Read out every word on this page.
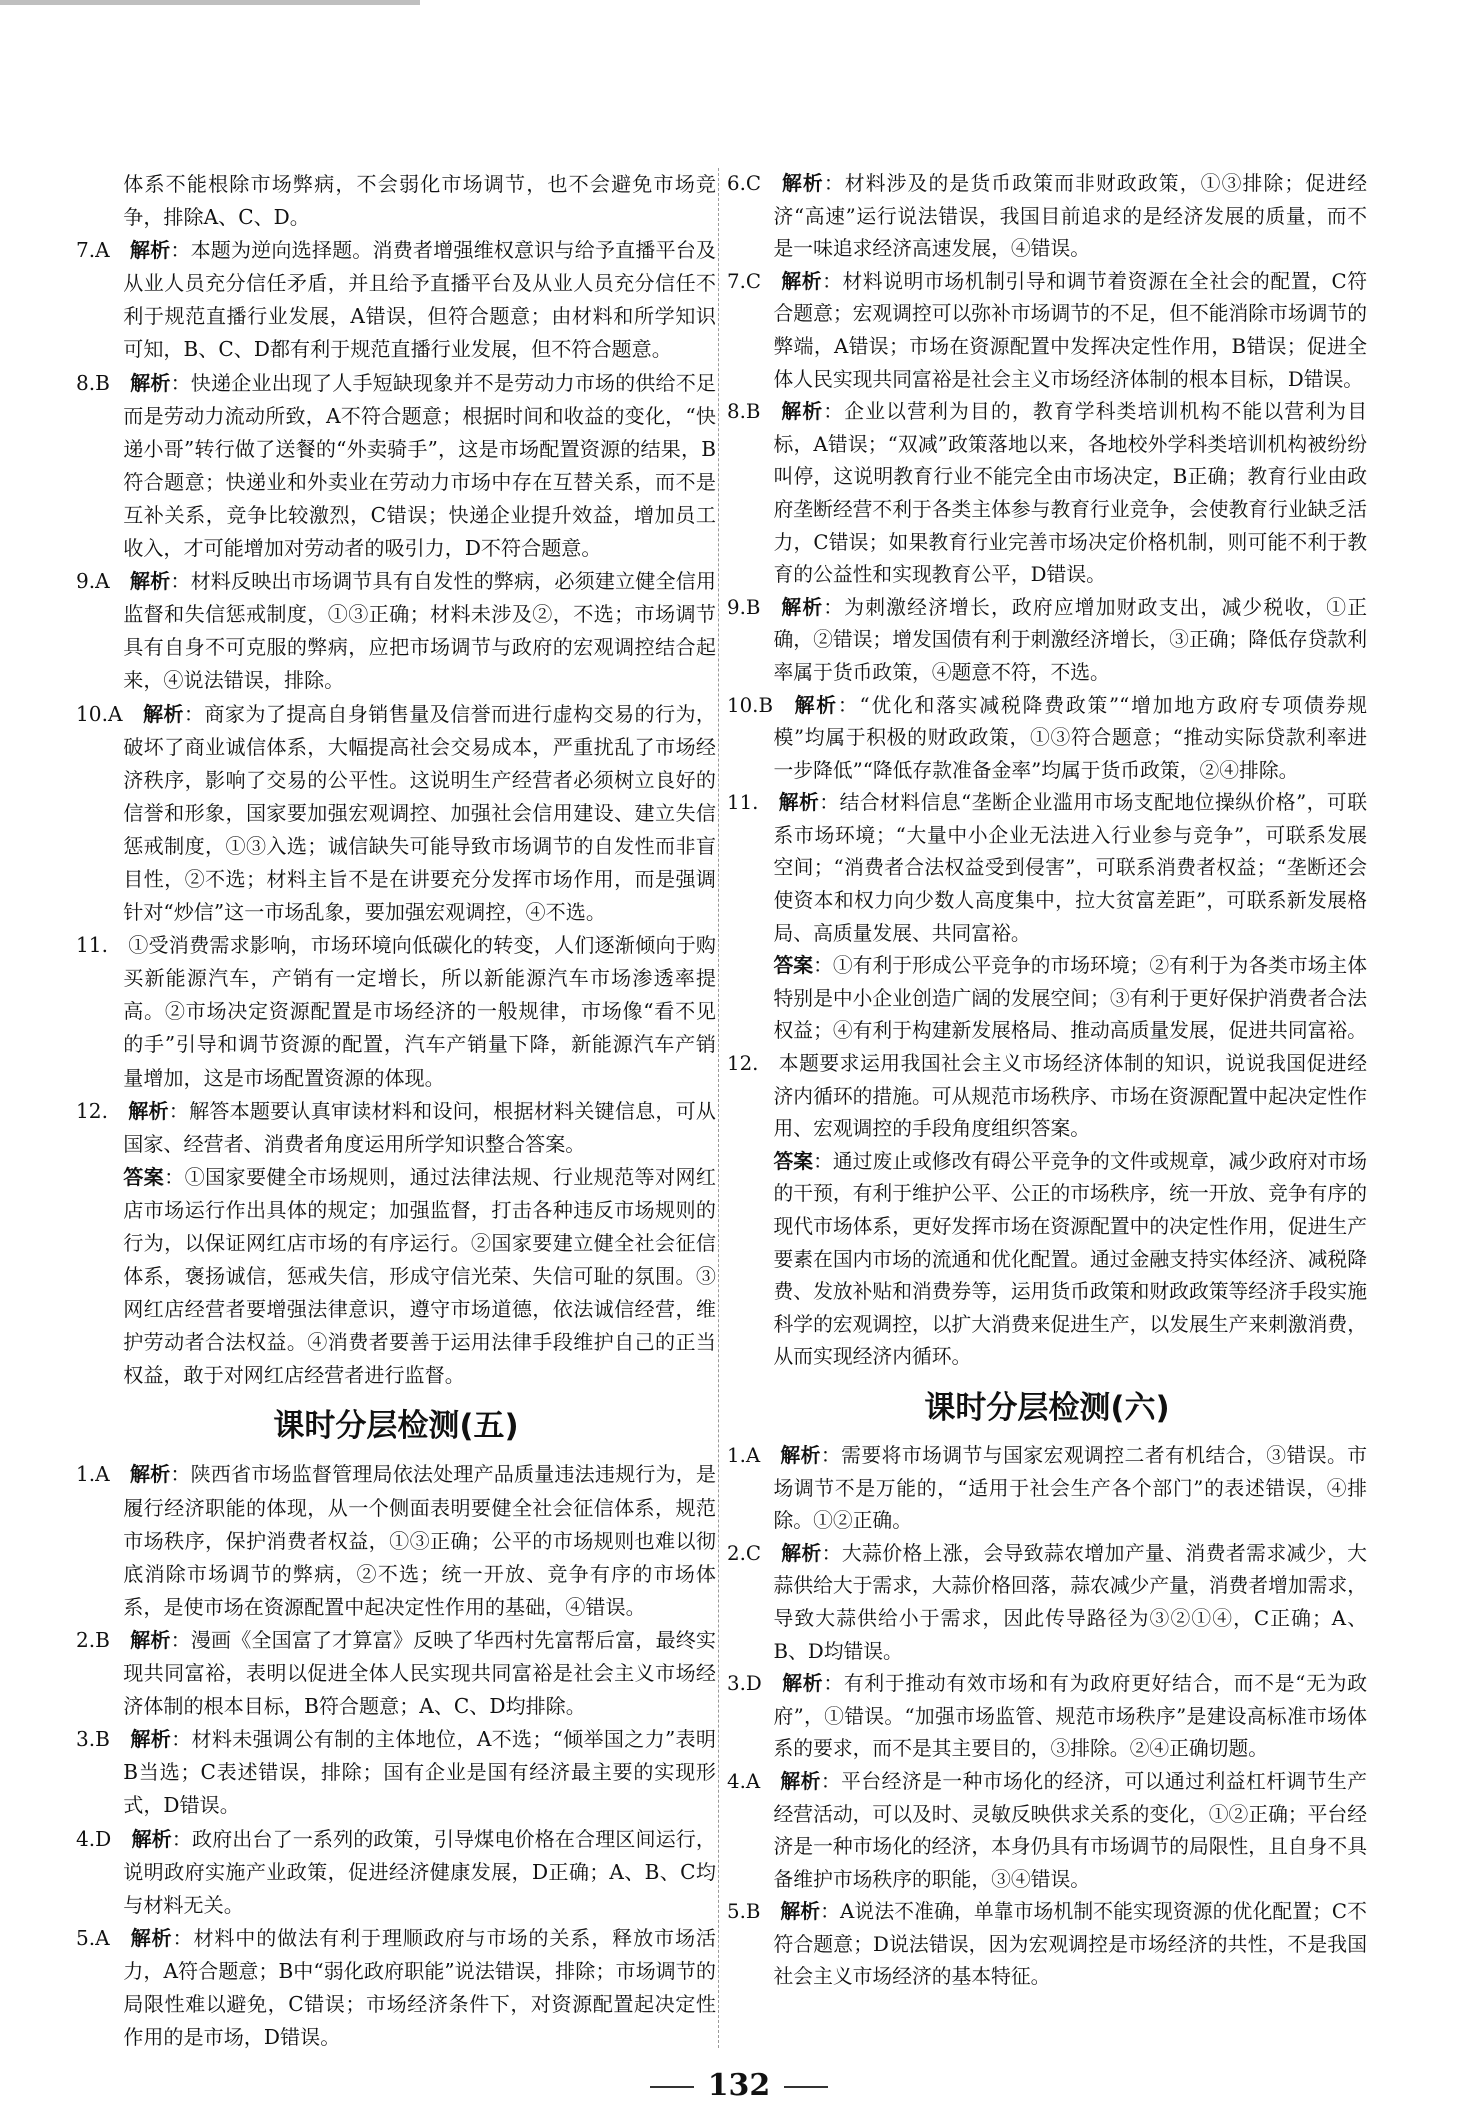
体系不能根除市场弊病，不会弱化市场调节，也不会避免市场竞争，排除A、C、D。

7.A  解析：本题为逆向选择题。消费者增强维权意识与给予直播平台及从业人员充分信任矛盾，并且给予直播平台及从业人员充分信任不利于规范直播行业发展，A错误，但符合题意；由材料和所学知识可知，B、C、D都有利于规范直播行业发展，但不符合题意。

8.B  解析：快递企业出现了人手短缺现象并不是劳动力市场的供给不足而是劳动力流动所致，A不符合题意；根据时间和收益的变化，“快递小哥”转行做了送餐的“外卖骑手”，这是市场配置资源的结果，B符合题意；快递业和外卖业在劳动力市场中存在互替关系，而不是互补关系，竞争比较激烈，C错误；快递企业提升效益，增加员工收入，才可能增加对劳动者的吸引力，D不符合题意。

9.A  解析：材料反映出市场调节具有自发性的弊病，必须建立健全信用监督和失信惩戒制度，①③正确；材料未涉及②，不选；市场调节具有自身不可克服的弊病，应把市场调节与政府的宏观调控结合起来，④说法错误，排除。

10.A  解析：商家为了提高自身销售量及信誉而进行虚构交易的行为，破坏了商业诚信体系，大幅提高社会交易成本，严重扰乱了市场经济秩序，影响了交易的公平性。这说明生产经营者必须树立良好的信誉和形象，国家要加强宏观调控、加强社会信用建设、建立失信惩戒制度，①③入选；诚信缺失可能导致市场调节的自发性而非盲目性，②不选；材料主旨不是在讲要充分发挥市场作用，而是强调针对“炒信”这一市场乱象，要加强宏观调控，④不选。

11.  ①受消费需求影响，市场环境向低碳化的转变，人们逐渐倾向于购买新能源汽车，产销有一定增长，所以新能源汽车市场渗透率提高。②市场决定资源配置是市场经济的一般规律，市场像“看不见的手”引导和调节资源的配置，汽车产销量下降，新能源汽车产销量增加，这是市场配置资源的体现。

12.  解析：解答本题要认真审读材料和设问，根据材料关键信息，可从国家、经营者、消费者角度运用所学知识整合答案。

答案：①国家要健全市场规则，通过法律法规、行业规范等对网红店市场运行作出具体的规定；加强监督，打击各种违反市场规则的行为，以保证网红店市场的有序运行。②国家要建立健全社会征信体系，褒扬诚信，惩戒失信，形成守信光荣、失信可耻的氛围。③网红店经营者要增强法律意识，遵守市场道德，依法诚信经营，维护劳动者合法权益。④消费者要善于运用法律手段维护自己的正当权益，敢于对网红店经营者进行监督。

课时分层检测(五)

1.A  解析：陕西省市场监督管理局依法处理产品质量违法违规行为，是履行经济职能的体现，从一个侧面表明要健全社会征信体系，规范市场秩序，保护消费者权益，①③正确；公平的市场规则也难以彻底消除市场调节的弊病，②不选；统一开放、竞争有序的市场体系，是使市场在资源配置中起决定性作用的基础，④错误。

2.B  解析：漫画《全国富了才算富》反映了华西村先富帮后富，最终实现共同富裕，表明以促进全体人民实现共同富裕是社会主义市场经济体制的根本目标，B符合题意；A、C、D均排除。

3.B  解析：材料未强调公有制的主体地位，A不选；“倾举国之力”表明B当选；C表述错误，排除；国有企业是国有经济最主要的实现形式，D错误。

4.D  解析：政府出台了一系列的政策，引导煤电价格在合理区间运行，说明政府实施产业政策，促进经济健康发展，D正确；A、B、C均与材料无关。

5.A  解析：材料中的做法有利于理顺政府与市场的关系，释放市场活力，A符合题意；B中“弱化政府职能”说法错误，排除；市场调节的局限性难以避免，C错误；市场经济条件下，对资源配置起决定性作用的是市场，D错误。

6.C  解析：材料涉及的是货币政策而非财政政策，①③排除；促进经济“高速”运行说法错误，我国目前追求的是经济发展的质量，而不是一味追求经济高速发展，④错误。

7.C  解析：材料说明市场机制引导和调节着资源在全社会的配置，C符合题意；宏观调控可以弥补市场调节的不足，但不能消除市场调节的弊端，A错误；市场在资源配置中发挥决定性作用，B错误；促进全体人民实现共同富裕是社会主义市场经济体制的根本目标，D错误。

8.B  解析：企业以营利为目的，教育学科类培训机构不能以营利为目标，A错误；“双减”政策落地以来，各地校外学科类培训机构被纷纷叫停，这说明教育行业不能完全由市场决定，B正确；教育行业由政府垄断经营不利于各类主体参与教育行业竞争，会使教育行业缺乏活力，C错误；如果教育行业完善市场决定价格机制，则可能不利于教育的公益性和实现教育公平，D错误。

9.B  解析：为刺激经济增长，政府应增加财政支出，减少税收，①正确，②错误；增发国债有利于刺激经济增长，③正确；降低存贷款利率属于货币政策，④题意不符，不选。

10.B  解析：“优化和落实减税降费政策”“增加地方政府专项债券规模”均属于积极的财政政策，①③符合题意；“推动实际贷款利率进一步降低”“降低存款准备金率”均属于货币政策，②④排除。

11.  解析：结合材料信息“垄断企业滥用市场支配地位操纵价格”，可联系市场环境；“大量中小企业无法进入行业参与竞争”，可联系发展空间；“消费者合法权益受到侵害”，可联系消费者权益；“垄断还会使资本和权力向少数人高度集中，拉大贫富差距”，可联系新发展格局、高质量发展、共同富裕。

答案：①有利于形成公平竞争的市场环境；②有利于为各类市场主体特别是中小企业创造广阔的发展空间；③有利于更好保护消费者合法权益；④有利于构建新发展格局、推动高质量发展，促进共同富裕。

12.  本题要求运用我国社会主义市场经济体制的知识，说说我国促进经济内循环的措施。可从规范市场秩序、市场在资源配置中起决定性作用、宏观调控的手段角度组织答案。

答案：通过废止或修改有碍公平竞争的文件或规章，减少政府对市场的干预，有利于维护公平、公正的市场秩序，统一开放、竞争有序的现代市场体系，更好发挥市场在资源配置中的决定性作用，促进生产要素在国内市场的流通和优化配置。通过金融支持实体经济、减税降费、发放补贴和消费券等，运用货币政策和财政政策等经济手段实施科学的宏观调控，以扩大消费来促进生产，以发展生产来刺激消费，从而实现经济内循环。

课时分层检测(六)

1.A  解析：需要将市场调节与国家宏观调控二者有机结合，③错误。市场调节不是万能的，“适用于社会生产各个部门”的表述错误，④排除。①②正确。

2.C  解析：大蒜价格上涨，会导致蒜农增加产量、消费者需求减少，大蒜供给大于需求，大蒜价格回落，蒜农减少产量，消费者增加需求，导致大蒜供给小于需求，因此传导路径为③②①④，C正确；A、B、D均错误。

3.D  解析：有利于推动有效市场和有为政府更好结合，而不是“无为政府”，①错误。“加强市场监管、规范市场秩序”是建设高标准市场体系的要求，而不是其主要目的，③排除。②④正确切题。

4.A  解析：平台经济是一种市场化的经济，可以通过利益杠杆调节生产经营活动，可以及时、灵敏反映供求关系的变化，①②正确；平台经济是一种市场化的经济，本身仍具有市场调节的局限性，且自身不具备维护市场秩序的职能，③④错误。

5.B  解析：A说法不准确，单靠市场机制不能实现资源的优化配置；C不符合题意；D说法错误，因为宏观调控是市场经济的共性，不是我国社会主义市场经济的基本特征。

132
